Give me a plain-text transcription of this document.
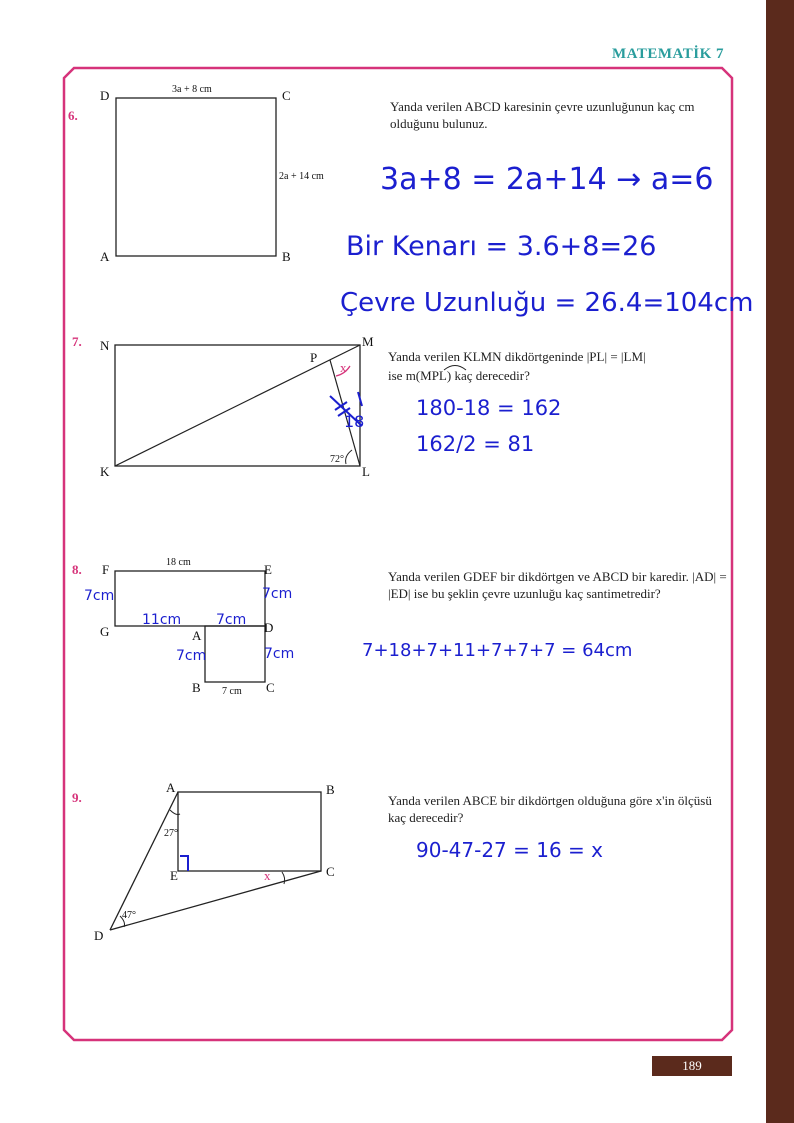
MATEMATİK 7
6.
D	C
A	B
3a + 8 cm
2a + 14 cm
Yanda verilen ABCD karesinin çevre uzunluğunun kaç cm olduğunu bulunuz.
3a+8 = 2a+14 → a=6
Bir Kenarı = 3.6+8=26
Çevre Uzunluğu = 26.4=104cm
7. N	M
K	L
P
x
72°
18
Yanda verilen KLMN dikdörtgeninde |PL| = |LM|
ise m(MPL) kaç derecedir?
180-18 = 162
162/2 = 81
8. F	E
G	D
A
B	C
18 cm
7 cm
7cm	7cm
11cm 7cm
7cm	7cm
Yanda verilen GDEF bir dikdörtgen ve ABCD bir karedir. |AD| = |ED| ise bu şeklin çevre uzunluğu kaç santimetredir?
7+18+7+11+7+7+7 = 64cm
9.
A	B
E	C
D
x
27°
47°
Yanda verilen ABCE bir dikdörtgen olduğuna göre x'in ölçüsü kaç derecedir?
90-47-27 = 16 = x
189
